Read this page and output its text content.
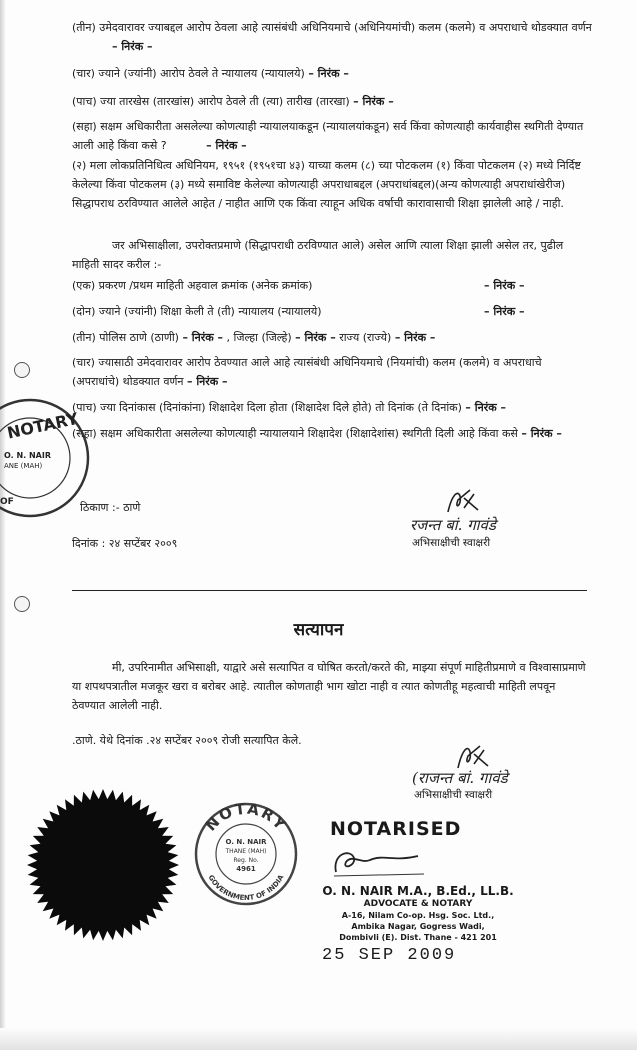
(तीन) उमेदवारावर ज्याबद्दल आरोप ठेवला आहे त्यासंबंधी अधिनियमाचे (अधिनियमांची) कलम (कलमे) व अपराधाचे थोडक्यात वर्णन – निरंक –
(चार) ज्याने (ज्यांनी) आरोप ठेवले ते न्यायालय (न्यायालये) – निरंक –
(पाच) ज्या तारखेस (तारखांस) आरोप ठेवले ती (त्या) तारीख (तारखा) – निरंक –
(सहा) सक्षम अधिकारीता असलेल्या कोणत्याही न्यायालयाकडून (न्यायालयांकडून) सर्व किंवा कोणत्याही कार्यवाहीस स्थगिती देण्यात आली आहे किंवा कसे ?	– निरंक –
(२) मला लोकप्रतिनिधित्व अधिनियम, १९५१ (१९५१चा ४३) याच्या कलम (८) च्या पोटकलम (१) किंवा पोटकलम (२) मध्ये निर्दिष्ट केलेल्या किंवा पोटकलम (३) मध्ये समाविष्ट केलेल्या कोणत्याही अपराधाबद्दल (अपराधांबद्दल)(अन्य कोणत्याही अपराधांखेरीज) सिद्धापराध ठरविण्यात आलेले आहेत / नाहीत आणि एक किंवा त्याहून अधिक वर्षाची कारावासाची शिक्षा झालेली आहे / नाही.
जर अभिसाक्षीला, उपरोक्तप्रमाणे (सिद्धापराधी ठरविण्यात आले) असेल आणि त्याला शिक्षा झाली असेल तर, पुढील माहिती सादर करील :-
(एक) प्रकरण /प्रथम माहिती अहवाल क्रमांक (अनेक क्रमांक)	– निरंक –
(दोन) ज्याने (ज्यांनी) शिक्षा केली ते (ती) न्यायालय (न्यायालये)	– निरंक –
(तीन) पोलिस ठाणे (ठाणी) – निरंक – , जिल्हा (जिल्हे) – निरंक – राज्य (राज्ये) – निरंक –
(चार) ज्यासाठी उमेदवारावर आरोप ठेवण्यात आले आहे त्यासंबंधी अधिनियमाचे (नियमांची) कलम (कलमे) व अपराधाचे (अपराधांचे) थोडक्यात वर्णन – निरंक –
(पाच) ज्या दिनांकास (दिनांकांना) शिक्षादेश दिला होता (शिक्षादेश दिले होते) तो दिनांक (ते दिनांक) – निरंक –
(सहा) सक्षम अधिकारीता असलेल्या कोणत्याही न्यायालयाने शिक्षादेश (शिक्षादेशांस) स्थगिती दिली आहे किंवा कसे – निरंक –
NOTARY
O. N. NAIR
ANE (MAH)
OF	ठिकाण :- ठाणे
दिनांक : २४ सप्टेंबर २००९
रजन्त बां. गावंडे
अभिसाक्षीची स्वाक्षरी
सत्यापन
मी, उपरिनामीत अभिसाक्षी, याद्वारे असे सत्यापित व घोषित करतो/करते की, माझ्या संपूर्ण माहितीप्रमाणे व विश्वासाप्रमाणे या शपथपत्रातील मजकूर खरा व बरोबर आहे. त्यातील कोणताही भाग खोटा नाही व त्यात कोणतीहू महत्वाची माहिती लपवून ठेवण्यात आलेली नाही.
.ठाणे. येथे दिनांक .२४ सप्टेंबर २००९ रोजी सत्यापित केले.
(राजन्त बां. गावंडे
अभिसाक्षीची स्वाक्षरी
NOTARY
GOVERNMENT OF INDIA
O. N. NAIR
THANE (MAH)
Reg. No.
4961
NOTARISED
O. N. NAIR M.A., B.Ed., LL.B.
ADVOCATE & NOTARY
A-16, Nilam Co-op. Hsg. Soc. Ltd.,
Ambika Nagar, Gogress Wadi,
Dombivli (E). Dist. Thane - 421 201
25 SEP 2009
